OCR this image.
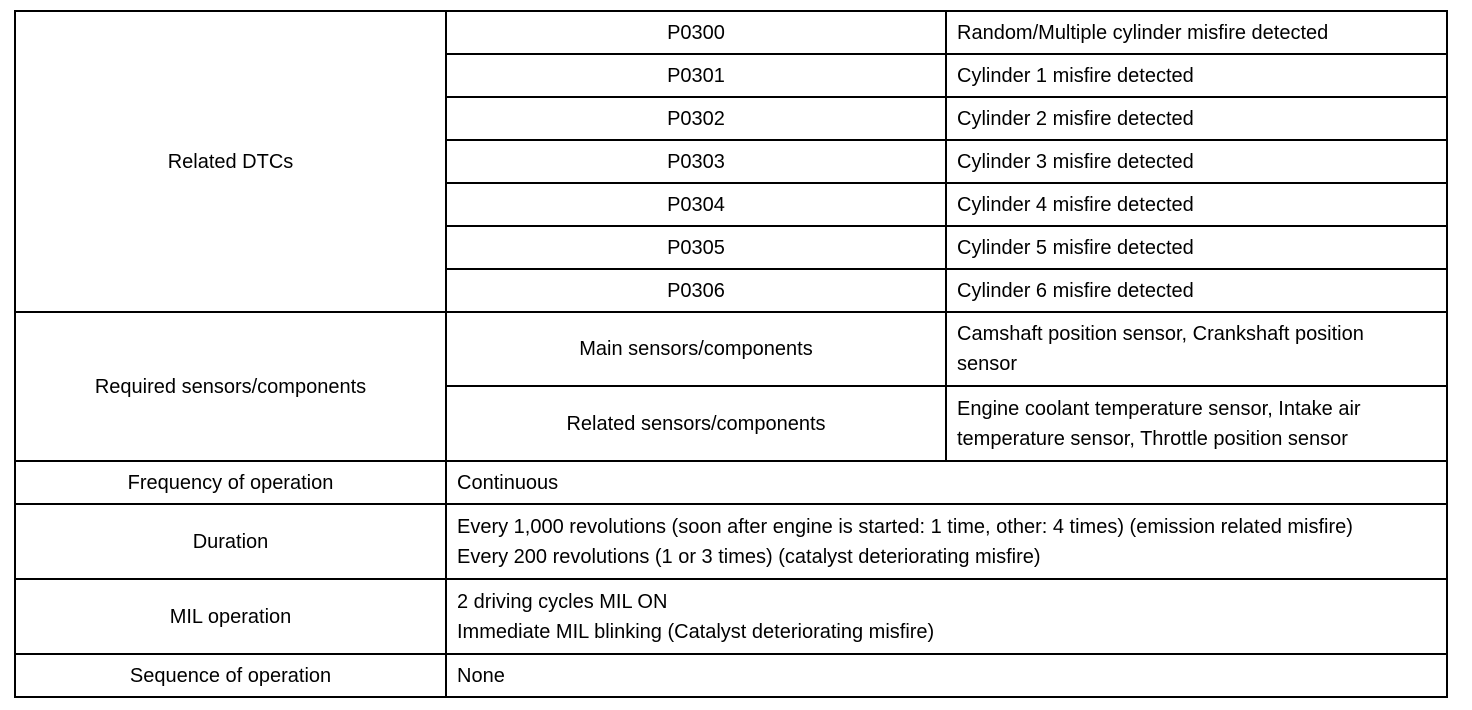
Related DTCs	P0300	Random/Multiple cylinder misfire detected
	P0301	Cylinder 1 misfire detected
	P0302	Cylinder 2 misfire detected
	P0303	Cylinder 3 misfire detected
	P0304	Cylinder 4 misfire detected
	P0305	Cylinder 5 misfire detected
	P0306	Cylinder 6 misfire detected
Required sensors/components	Main sensors/components	Camshaft position sensor, Crankshaft position
sensor

	Related sensors/components	Engine coolant temperature sensor, Intake air
temperature sensor, Throttle position sensor

Frequency of operation	Continuous	
Duration	Every 1,000 revolutions (soon after engine is started: 1 time, other: 4 times) (emission related misfire)
Every 200 revolutions (1 or 3 times) (catalyst deteriorating misfire)	

MIL operation	2 driving cycles MIL ON
Immediate MIL blinking (Catalyst deteriorating misfire)	

Sequence of operation	None	
